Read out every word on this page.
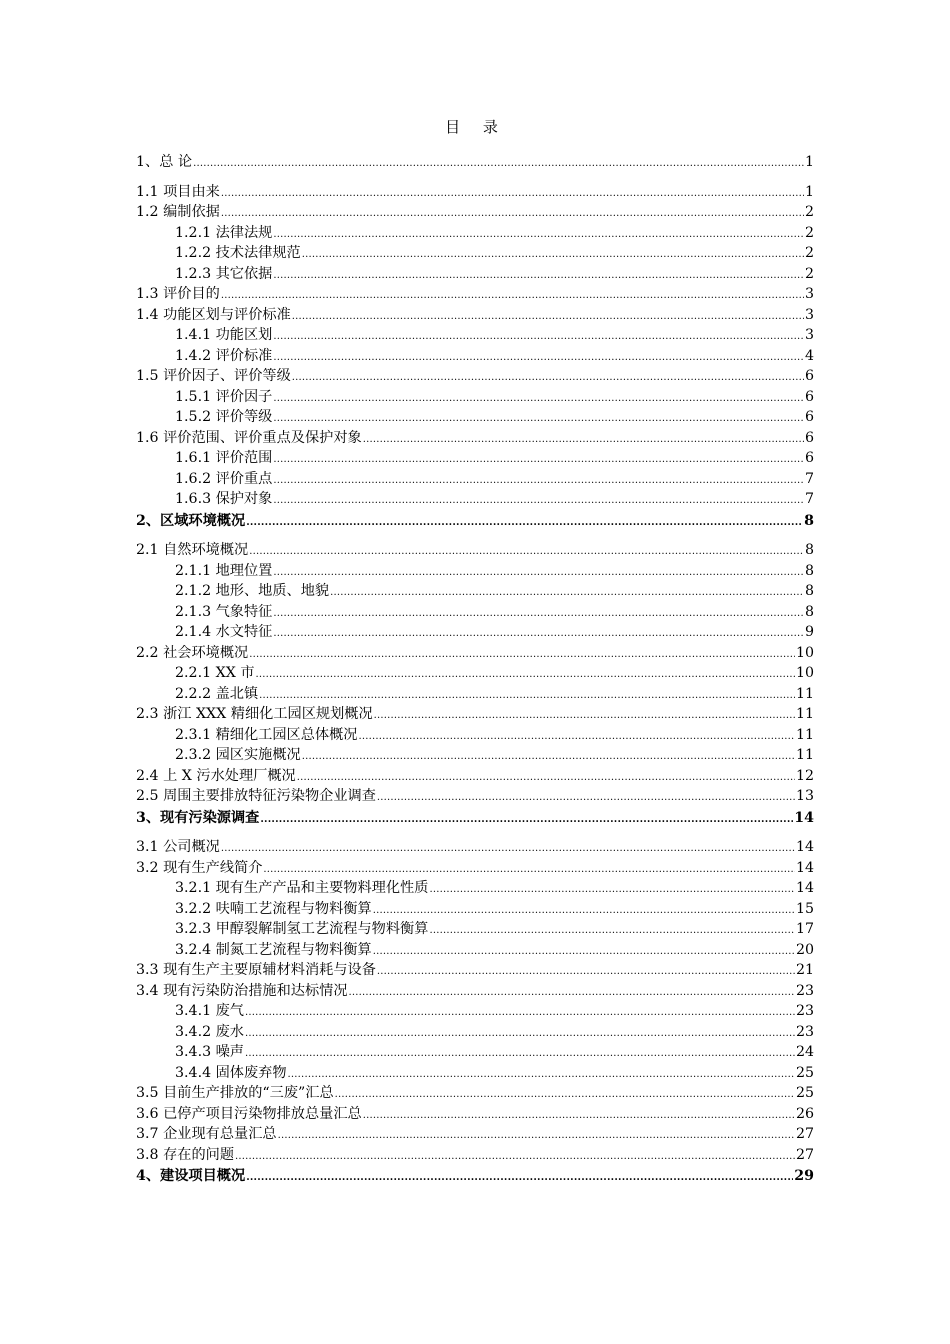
目 录
1、总 论 .....	1
1.1 项目由来 .....	1
1.2 编制依据 .....	2
1.2.1 法律法规 .....	2
1.2.2 技术法律规范 .....	2
1.2.3 其它依据 .....	2
1.3 评价目的 .....	3
1.4 功能区划与评价标准 .....	3
1.4.1 功能区划 .....	3
1.4.2 评价标准 .....	4
1.5 评价因子、评价等级 .....	6
1.5.1 评价因子 .....	6
1.5.2 评价等级 .....	6
1.6 评价范围、评价重点及保护对象 .....	6
1.6.1 评价范围 .....	6
1.6.2 评价重点 .....	7
1.6.3 保护对象 .....	7
2、区域环境概况 .....	8
2.1 自然环境概况 .....	8
2.1.1 地理位置 .....	8
2.1.2 地形、地质、地貌 .....	8
2.1.3 气象特征 .....	8
2.1.4 水文特征 .....	9
2.2 社会环境概况 .....	10
2.2.1 XX 市 .....	10
2.2.2 盖北镇 .....	11
2.3 浙江 XXX 精细化工园区规划概况 .....	11
2.3.1 精细化工园区总体概况 .....	11
2.3.2 园区实施概况 .....	11
2.4 上 X 污水处理厂概况 .....	12
2.5 周围主要排放特征污染物企业调查 .....	13
3、现有污染源调查 .....	14
3.1 公司概况 .....	14
3.2 现有生产线简介 .....	14
3.2.1 现有生产产品和主要物料理化性质 .....	14
3.2.2 呋喃工艺流程与物料衡算 .....	15
3.2.3 甲醇裂解制氢工艺流程与物料衡算 .....	17
3.2.4 制氮工艺流程与物料衡算 .....	20
3.3 现有生产主要原辅材料消耗与设备 .....	21
3.4 现有污染防治措施和达标情况 .....	23
3.4.1 废气 .....	23
3.4.2 废水 .....	23
3.4.3 噪声 .....	24
3.4.4 固体废弃物 .....	25
3.5 目前生产排放的“三废”汇总 .....	25
3.6 已停产项目污染物排放总量汇总 .....	26
3.7 企业现有总量汇总 .....	27
3.8 存在的问题 .....	27
4、建设项目概况 .....	29
